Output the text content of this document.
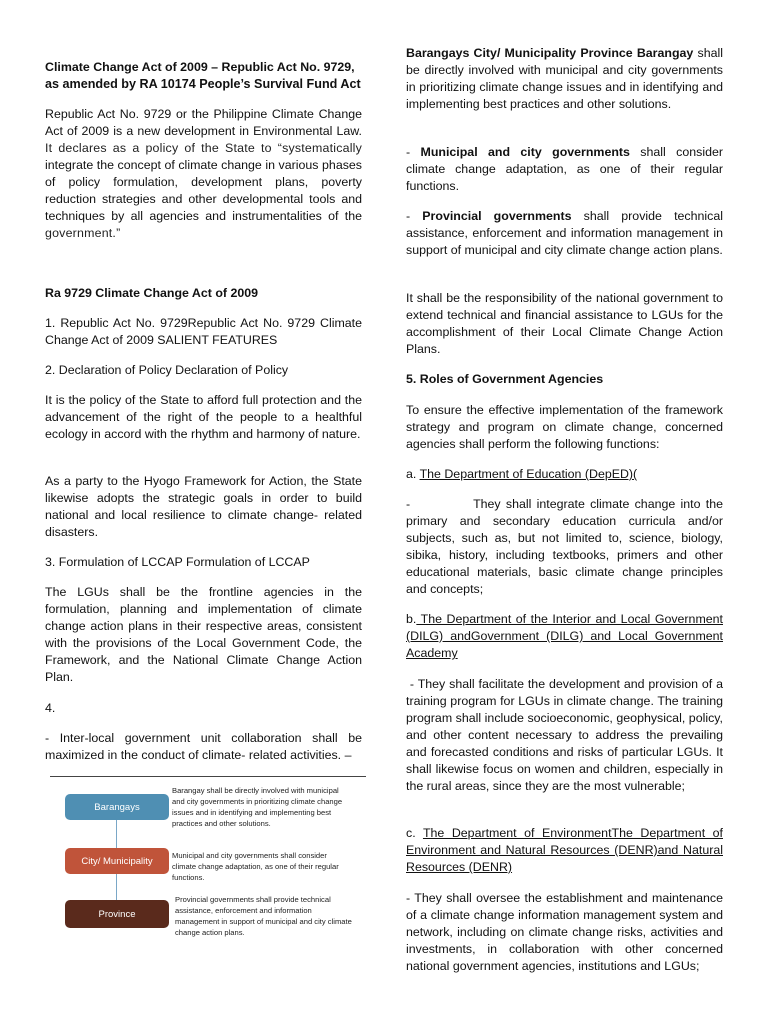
Climate Change Act of 2009 – Republic Act No. 9729,

as amended by RA 10174 People’s Survival Fund Act

Republic Act No. 9729 or the Philippine Climate Change Act of 2009 is a new development in Environmental Law. It declares as a policy of the State to “systematically integrate the concept of climate change in various phases of policy formulation, development plans, poverty reduction strategies and other developmental tools and techniques by all agencies and instrumentalities of the government.”

Ra 9729 Climate Change Act of 2009

1. Republic Act No. 9729Republic Act No. 9729 Climate Change Act of 2009 SALIENT FEATURES

2. Declaration of Policy Declaration of Policy

It is the policy of the State to afford full protection and the advancement of the right of the people to a healthful ecology in accord with the rhythm and harmony of nature.

As a party to the Hyogo Framework for Action, the State likewise adopts the strategic goals in order to build national and local resilience to climate change- related disasters.

3. Formulation of LCCAP Formulation of LCCAP

The LGUs shall be the frontline agencies in the formulation, planning and implementation of climate change action plans in their respective areas, consistent with the provisions of the Local Government Code, the Framework, and the National Climate Change Action Plan.

4.

- Inter-local government unit collaboration shall be maximized in the conduct of climate- related activities. –

Barangays
City/ Municipality
Province
Barangay shall be directly involved with municipal and city governments in prioritizing climate change issues and in identifying and implementing best practices and other solutions.
Municipal and city governments shall consider climate change adaptation, as one of their regular functions.
Provincial governments shall provide technical assistance, enforcement and information management in support of municipal and city climate change action plans.

Barangays City/ Municipality Province Barangay shall be directly involved with municipal and city governments in prioritizing climate change issues and in identifying and implementing best practices and other solutions.

- Municipal and city governments shall consider climate change adaptation, as one of their regular functions.

- Provincial governments shall provide technical assistance, enforcement and information management in support of municipal and city climate change action plans.

It shall be the responsibility of the national government to extend technical and financial assistance to LGUs for the accomplishment of their Local Climate Change Action Plans.

5. Roles of Government Agencies

To ensure the effective implementation of the framework strategy and program on climate change, concerned agencies shall perform the following functions:

a. The Department of Education (DepED)(

-            They shall integrate climate change into the primary and secondary education curricula and/or subjects, such as, but not limited to, science, biology, sibika, history, including textbooks, primers and other educational materials, basic climate change principles and concepts;

b. The Department of the Interior and Local Government (DILG) andGovernment (DILG) and Local Government Academy

- They shall facilitate the development and provision of a training program for LGUs in climate change. The training program shall include socioeconomic, geophysical, policy, and other content necessary to address the prevailing and forecasted conditions and risks of particular LGUs. It shall likewise focus on women and children, especially in the rural areas, since they are the most vulnerable;

c. The Department of EnvironmentThe Department of Environment and Natural Resources (DENR)and Natural Resources (DENR)

- They shall oversee the establishment and maintenance of a climate change information management system and network, including on climate change risks, activities and investments, in collaboration with other concerned national government agencies, institutions and LGUs;
